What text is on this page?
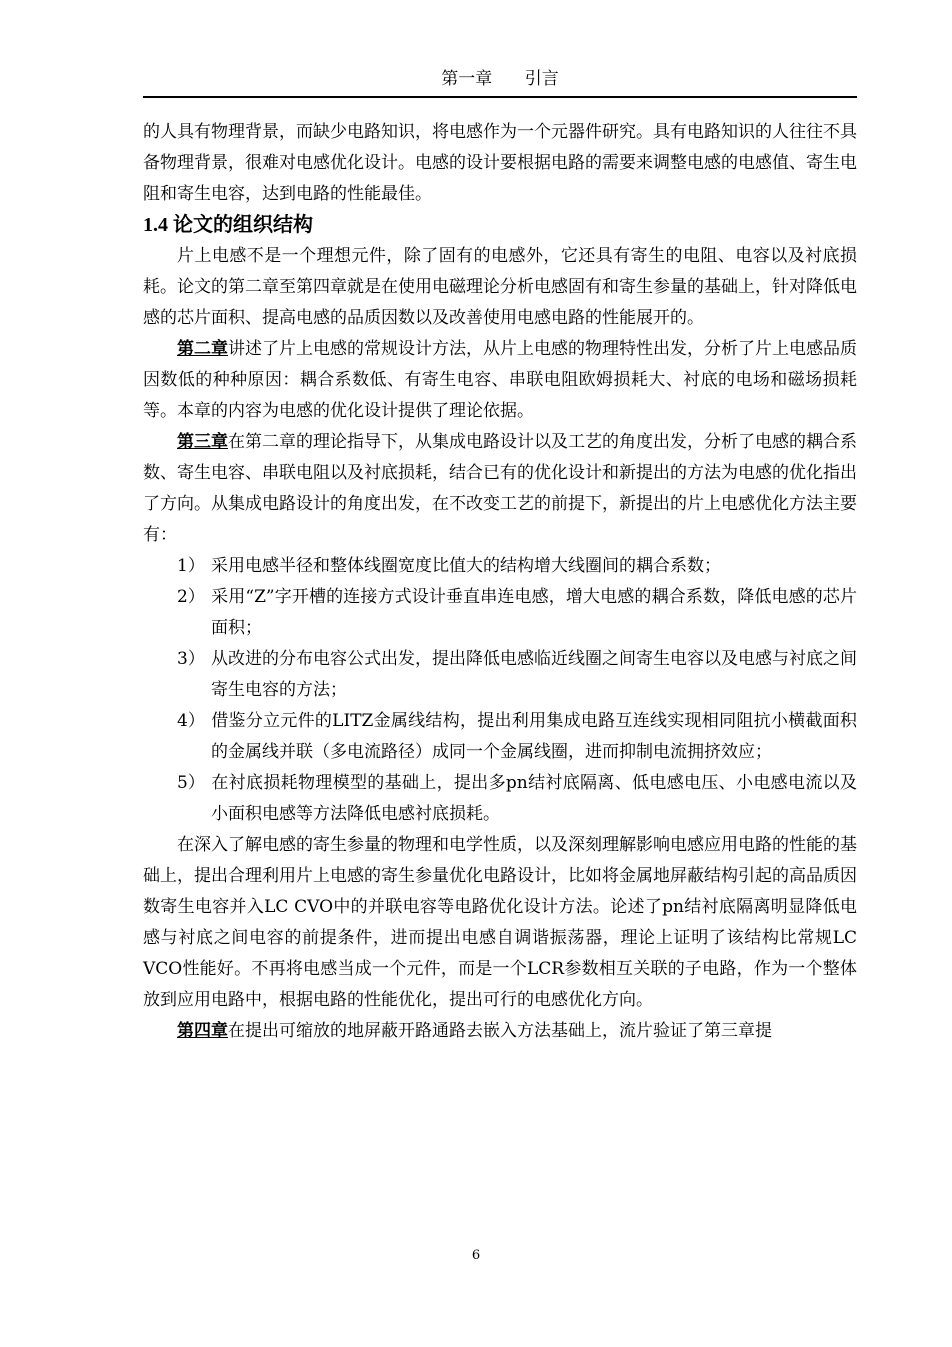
第一章 引言

的人具有物理背景，而缺少电路知识，将电感作为一个元器件研究。具有电路知识的人往往不具备物理背景，很难对电感优化设计。电感的设计要根据电路的需要来调整电感的电感值、寄生电阻和寄生电容，达到电路的性能最佳。

1.4 论文的组织结构

片上电感不是一个理想元件，除了固有的电感外，它还具有寄生的电阻、电容以及衬底损耗。论文的第二章至第四章就是在使用电磁理论分析电感固有和寄生参量的基础上，针对降低电感的芯片面积、提高电感的品质因数以及改善使用电感电路的性能展开的。

第二章讲述了片上电感的常规设计方法，从片上电感的物理特性出发，分析了片上电感品质因数低的种种原因：耦合系数低、有寄生电容、串联电阻欧姆损耗大、衬底的电场和磁场损耗等。本章的内容为电感的优化设计提供了理论依据。

第三章在第二章的理论指导下，从集成电路设计以及工艺的角度出发，分析了电感的耦合系数、寄生电容、串联电阻以及衬底损耗，结合已有的优化设计和新提出的方法为电感的优化指出了方向。从集成电路设计的角度出发，在不改变工艺的前提下，新提出的片上电感优化方法主要有：

1） 采用电感半径和整体线圈宽度比值大的结构增大线圈间的耦合系数；

2） 采用“Z”字开槽的连接方式设计垂直串连电感，增大电感的耦合系数，降低电感的芯片面积；

3） 从改进的分布电容公式出发，提出降低电感临近线圈之间寄生电容以及电感与衬底之间寄生电容的方法；

4） 借鉴分立元件的LITZ金属线结构，提出利用集成电路互连线实现相同阻抗小横截面积的金属线并联（多电流路径）成同一个金属线圈，进而抑制电流拥挤效应；

5） 在衬底损耗物理模型的基础上，提出多pn结衬底隔离、低电感电压、小电感电流以及小面积电感等方法降低电感衬底损耗。

在深入了解电感的寄生参量的物理和电学性质，以及深刻理解影响电感应用电路的性能的基础上，提出合理利用片上电感的寄生参量优化电路设计，比如将金属地屏蔽结构引起的高品质因数寄生电容并入LC CVO中的并联电容等电路优化设计方法。论述了pn结衬底隔离明显降低电感与衬底之间电容的前提条件，进而提出电感自调谐振荡器，理论上证明了该结构比常规LC VCO性能好。不再将电感当成一个元件，而是一个LCR参数相互关联的子电路，作为一个整体放到应用电路中，根据电路的性能优化，提出可行的电感优化方向。

第四章在提出可缩放的地屏蔽开路通路去嵌入方法基础上，流片验证了第三章提

6
